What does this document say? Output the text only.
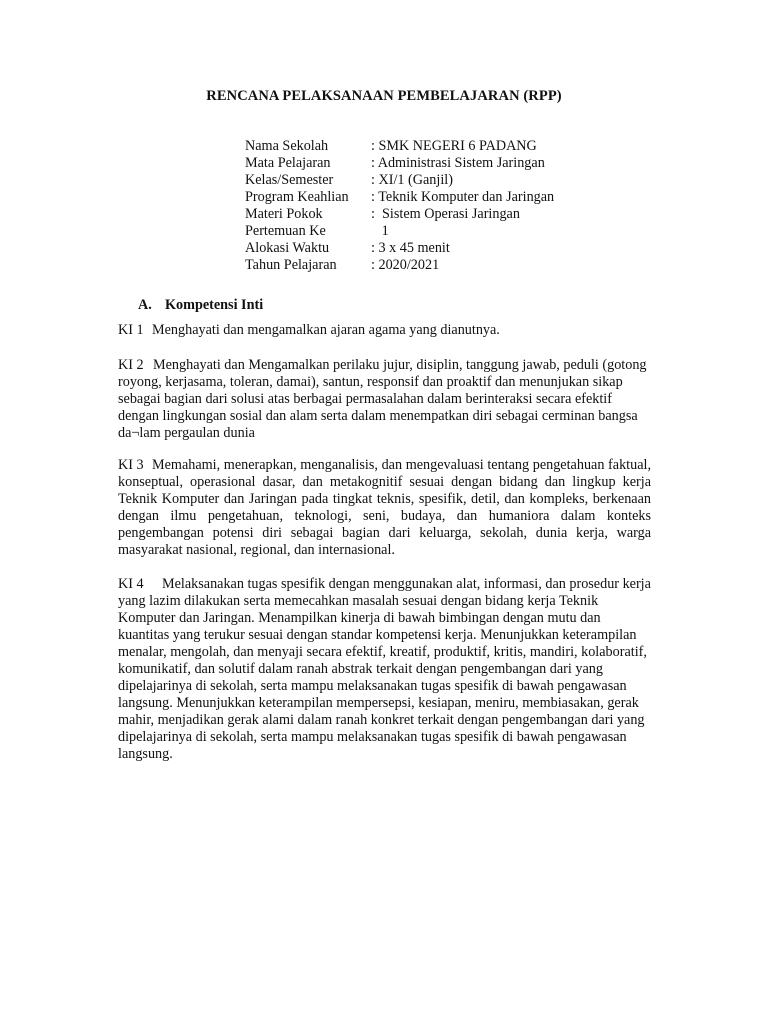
RENCANA PELAKSANAAN PEMBELAJARAN (RPP)
Nama Sekolah	: SMK NEGERI 6 PADANG
Mata Pelajaran	: Administrasi Sistem Jaringan
Kelas/Semester	: XI/1 (Ganjil)
Program Keahlian	: Teknik Komputer dan Jaringan
Materi Pokok	:  Sistem Operasi Jaringan
Pertemuan Ke	1
Alokasi Waktu	: 3 x 45 menit
Tahun Pelajaran	: 2020/2021
A. Kompetensi Inti

KI 1 Menghayati dan mengamalkan ajaran agama yang dianutnya.

KI 2 Menghayati dan Mengamalkan perilaku jujur, disiplin, tanggung jawab, peduli (gotong royong, kerjasama, toleran, damai), santun, responsif dan proaktif dan menunjukan sikap sebagai bagian dari solusi atas berbagai permasalahan dalam berinteraksi secara efektif dengan lingkungan sosial dan alam serta dalam menempatkan diri sebagai cerminan bangsa da¬lam pergaulan dunia

KI 3 Memahami, menerapkan, menganalisis, dan mengevaluasi tentang pengetahuan faktual, konseptual, operasional dasar, dan metakognitif sesuai dengan bidang dan lingkup kerja Teknik Komputer dan Jaringan pada tingkat teknis, spesifik, detil, dan kompleks, berkenaan dengan ilmu pengetahuan, teknologi, seni, budaya, dan humaniora dalam konteks pengembangan potensi diri sebagai bagian dari keluarga, sekolah, dunia kerja, warga masyarakat nasional, regional, dan internasional.

KI 4 Melaksanakan tugas spesifik dengan menggunakan alat, informasi, dan prosedur kerja yang lazim dilakukan serta memecahkan masalah sesuai dengan bidang kerja Teknik Komputer dan Jaringan. Menampilkan kinerja di bawah bimbingan dengan mutu dan kuantitas yang terukur sesuai dengan standar kompetensi kerja. Menunjukkan keterampilan menalar, mengolah, dan menyaji secara efektif, kreatif, produktif, kritis, mandiri, kolaboratif, komunikatif, dan solutif dalam ranah abstrak terkait dengan pengembangan dari yang dipelajarinya di sekolah, serta mampu melaksanakan tugas spesifik di bawah pengawasan langsung. Menunjukkan keterampilan mempersepsi, kesiapan, meniru, membiasakan, gerak mahir, menjadikan gerak alami dalam ranah konkret terkait dengan pengembangan dari yang dipelajarinya di sekolah, serta mampu melaksanakan tugas spesifik di bawah pengawasan langsung.
